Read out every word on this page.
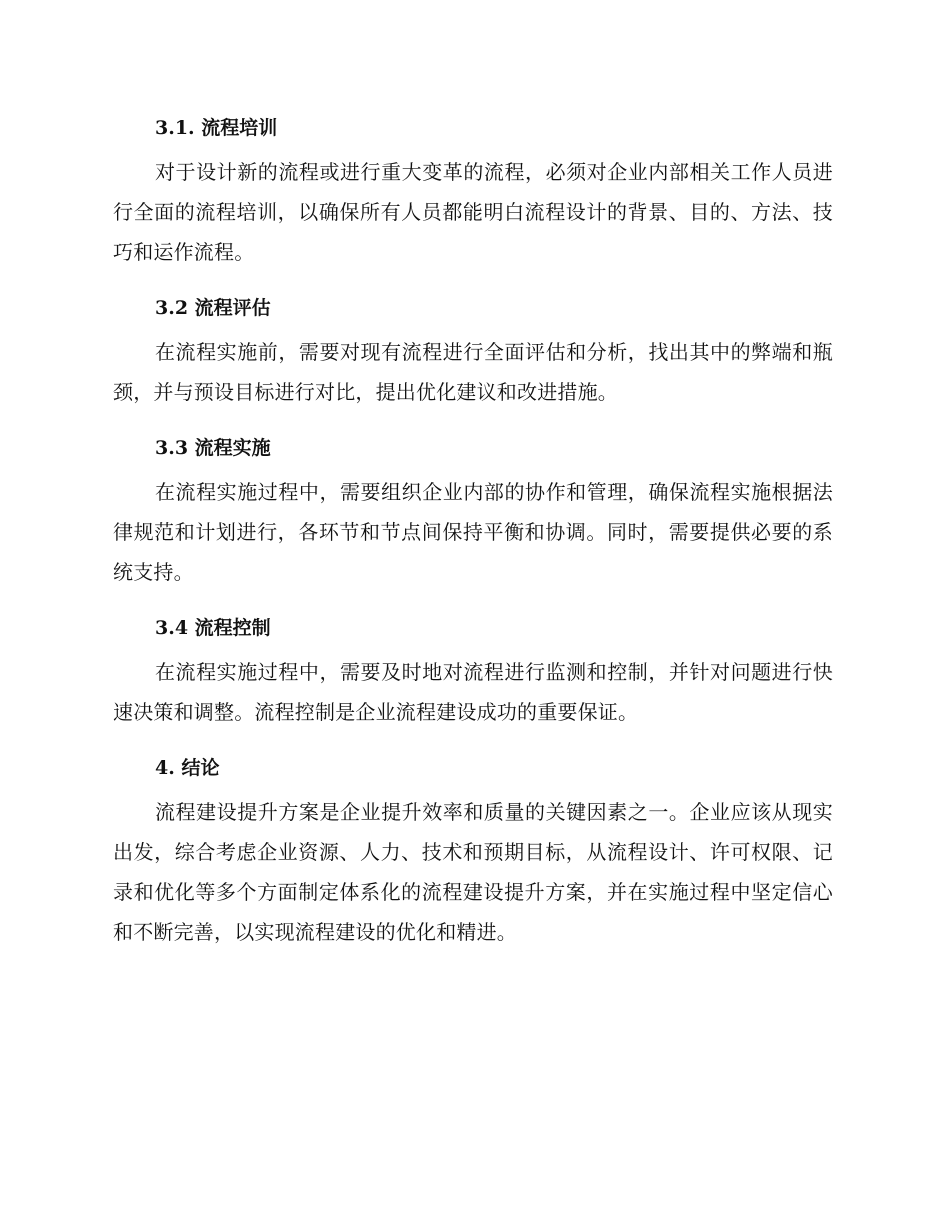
3.1. 流程培训

对于设计新的流程或进行重大变革的流程，必须对企业内部相关工作人员进行全面的流程培训，以确保所有人员都能明白流程设计的背景、目的、方法、技巧和运作流程。

3.2 流程评估

在流程实施前，需要对现有流程进行全面评估和分析，找出其中的弊端和瓶颈，并与预设目标进行对比，提出优化建议和改进措施。

3.3 流程实施

在流程实施过程中，需要组织企业内部的协作和管理，确保流程实施根据法律规范和计划进行，各环节和节点间保持平衡和协调。同时，需要提供必要的系统支持。

3.4 流程控制

在流程实施过程中，需要及时地对流程进行监测和控制，并针对问题进行快速决策和调整。流程控制是企业流程建设成功的重要保证。

4. 结论

流程建设提升方案是企业提升效率和质量的关键因素之一。企业应该从现实出发，综合考虑企业资源、人力、技术和预期目标，从流程设计、许可权限、记录和优化等多个方面制定体系化的流程建设提升方案，并在实施过程中坚定信心和不断完善，以实现流程建设的优化和精进。
